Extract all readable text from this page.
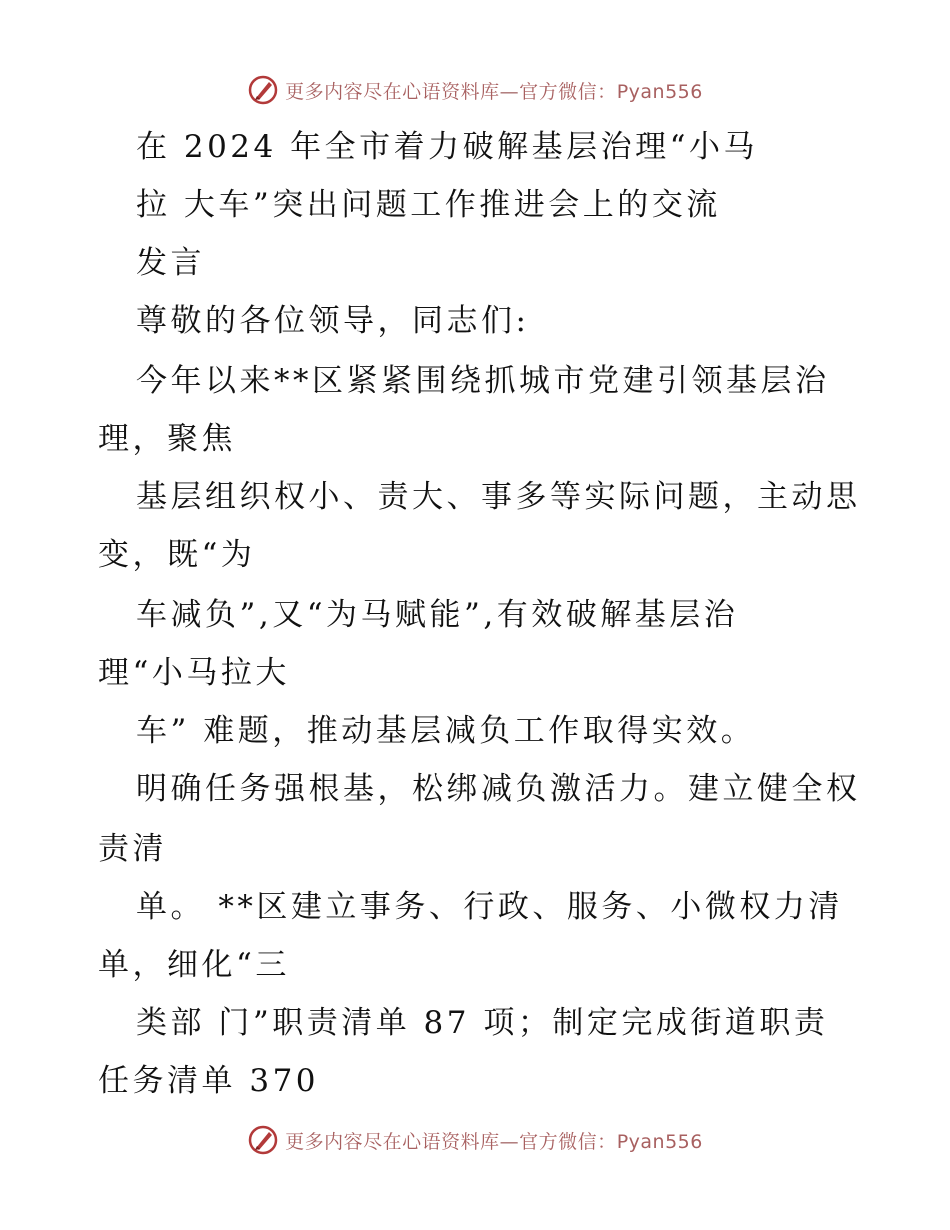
更多内容尽在心语资料库—官方微信：Pyan556
在 2024 年全市着力破解基层治理“小马
拉 大车”突出问题工作推进会上的交流
发言
尊敬的各位领导，同志们:
今年以来**区紧紧围绕抓城市党建引领基层治
理，聚焦
基层组织权小、责大、事多等实际问题，主动思
变，既“为
车减负”,又“为马赋能”,有效破解基层治
理“小马拉大
车” 难题，推动基层减负工作取得实效。
明确任务强根基，松绑减负激活力。建立健全权
责清
单。 **区建立事务、行政、服务、小微权力清
单，细化“三
类部 门”职责清单 87 项；制定完成街道职责
任务清单 370
更多内容尽在心语资料库—官方微信：Pyan556
